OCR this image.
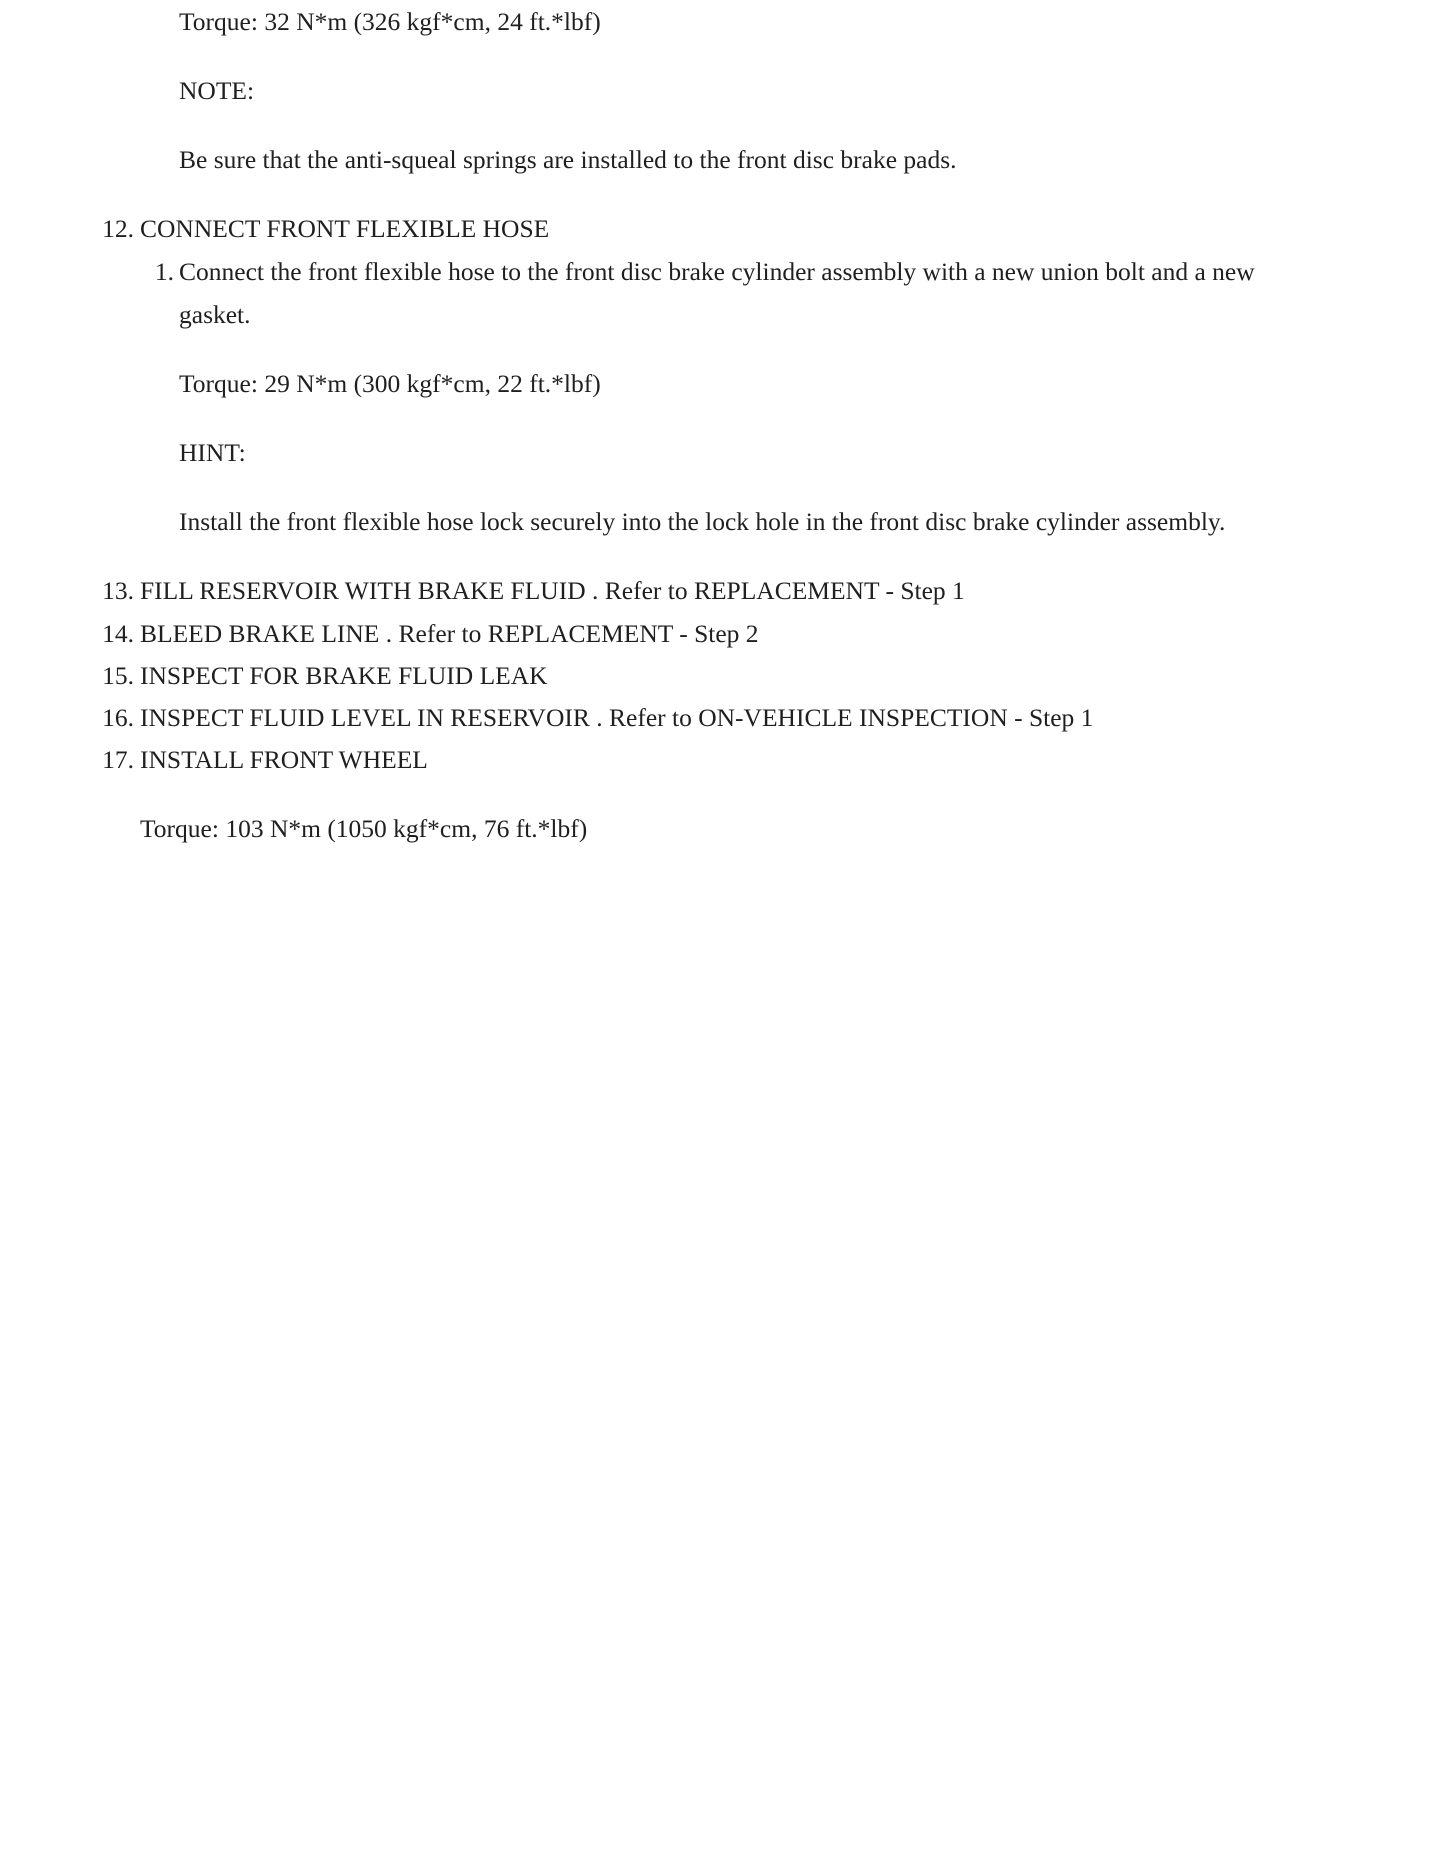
Torque: 32 N*m (326 kgf*cm, 24 ft.*lbf)
NOTE:
Be sure that the anti-squeal springs are installed to the front disc brake pads.
12. CONNECT FRONT FLEXIBLE HOSE
1. Connect the front flexible hose to the front disc brake cylinder assembly with a new union bolt and a new
gasket.
Torque: 29 N*m (300 kgf*cm, 22 ft.*lbf)
HINT:
Install the front flexible hose lock securely into the lock hole in the front disc brake cylinder assembly.
13. FILL RESERVOIR WITH BRAKE FLUID . Refer to REPLACEMENT - Step 1
14. BLEED BRAKE LINE . Refer to REPLACEMENT - Step 2
15. INSPECT FOR BRAKE FLUID LEAK
16. INSPECT FLUID LEVEL IN RESERVOIR . Refer to ON-VEHICLE INSPECTION - Step 1
17. INSTALL FRONT WHEEL
Torque: 103 N*m (1050 kgf*cm, 76 ft.*lbf)
